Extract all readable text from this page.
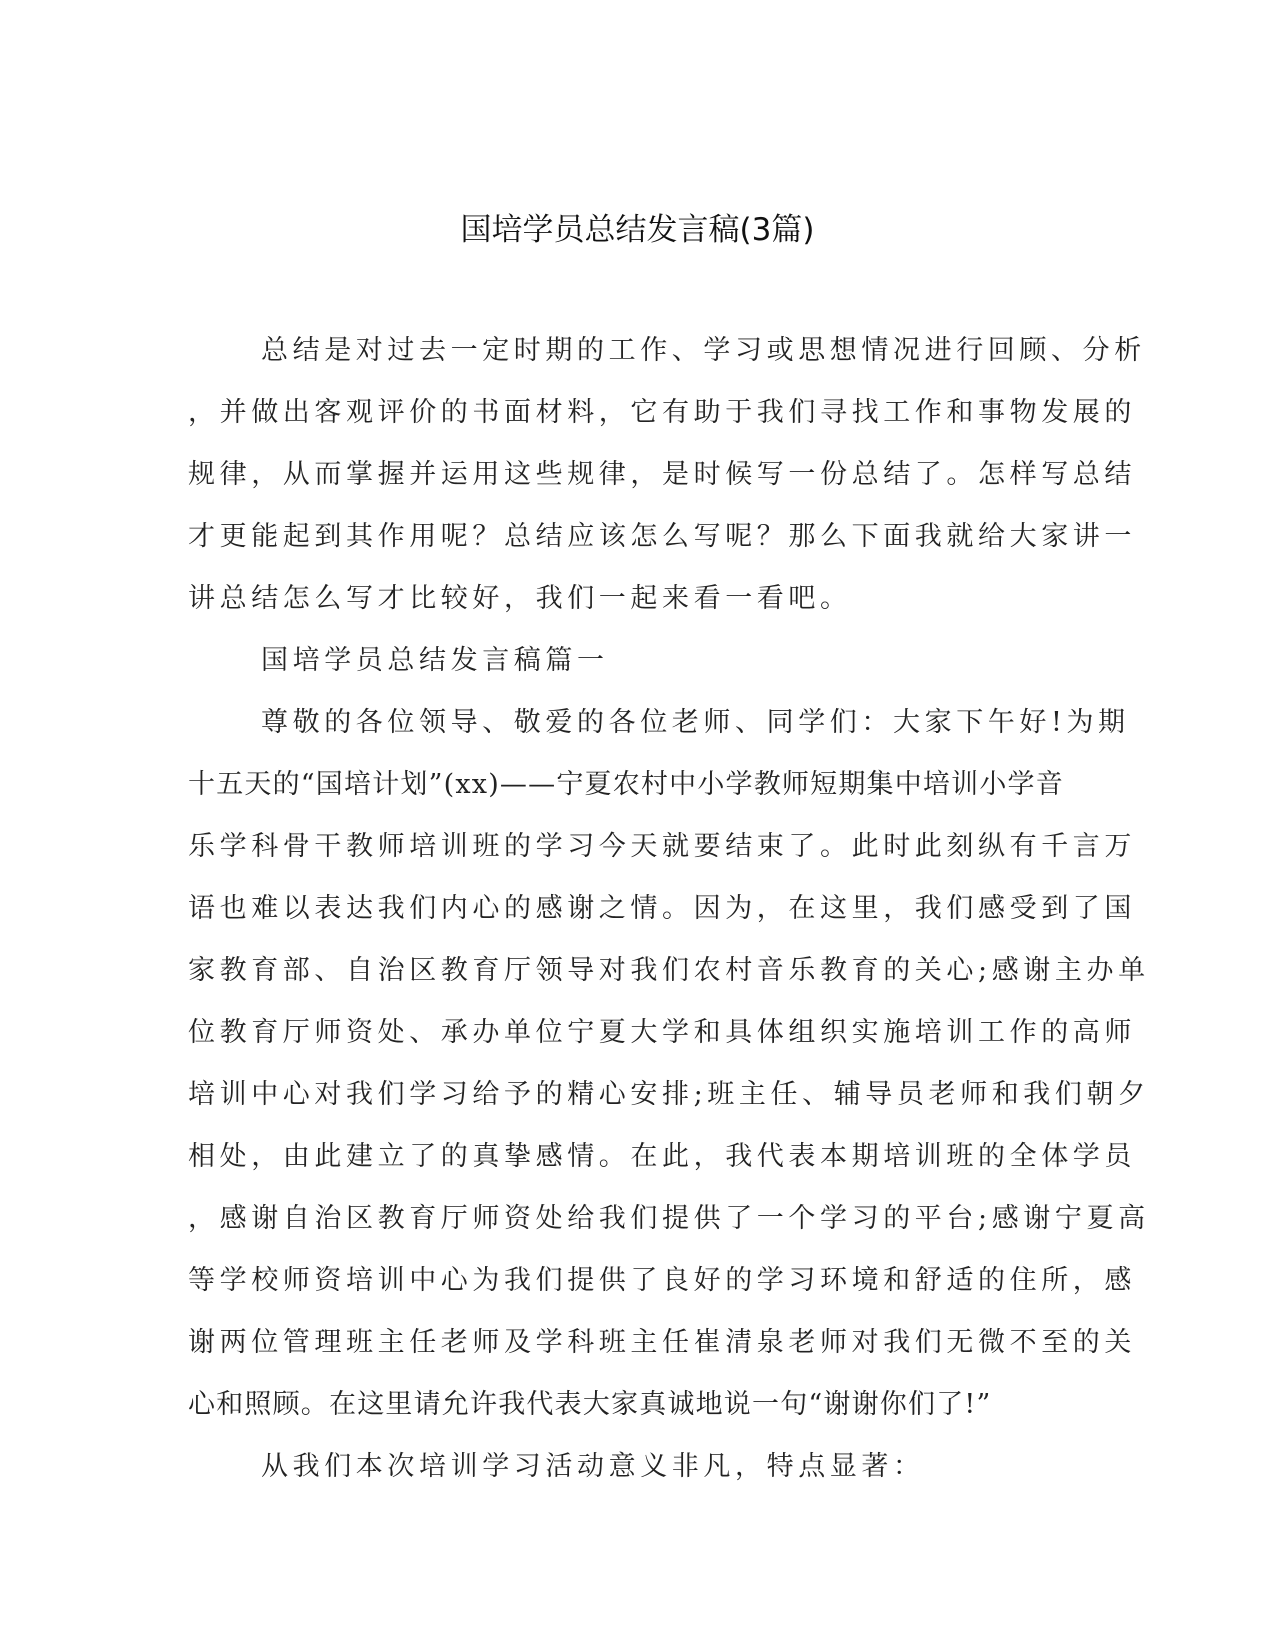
国培学员总结发言稿(3篇)
总结是对过去一定时期的工作、学习或思想情况进行回顾、分析
，并做出客观评价的书面材料，它有助于我们寻找工作和事物发展的
规律，从而掌握并运用这些规律，是时候写一份总结了。怎样写总结
才更能起到其作用呢？总结应该怎么写呢？那么下面我就给大家讲一
讲总结怎么写才比较好，我们一起来看一看吧。
国培学员总结发言稿篇一
尊敬的各位领导、敬爱的各位老师、同学们：大家下午好!为期
十五天的“国培计划”(xx)——宁夏农村中小学教师短期集中培训小学音
乐学科骨干教师培训班的学习今天就要结束了。此时此刻纵有千言万
语也难以表达我们内心的感谢之情。因为，在这里，我们感受到了国
家教育部、自治区教育厅领导对我们农村音乐教育的关心;感谢主办单
位教育厅师资处、承办单位宁夏大学和具体组织实施培训工作的高师
培训中心对我们学习给予的精心安排;班主任、辅导员老师和我们朝夕
相处，由此建立了的真挚感情。在此，我代表本期培训班的全体学员
，感谢自治区教育厅师资处给我们提供了一个学习的平台;感谢宁夏高
等学校师资培训中心为我们提供了良好的学习环境和舒适的住所，感
谢两位管理班主任老师及学科班主任崔清泉老师对我们无微不至的关
心和照顾。在这里请允许我代表大家真诚地说一句“谢谢你们了!”
从我们本次培训学习活动意义非凡，特点显著：
